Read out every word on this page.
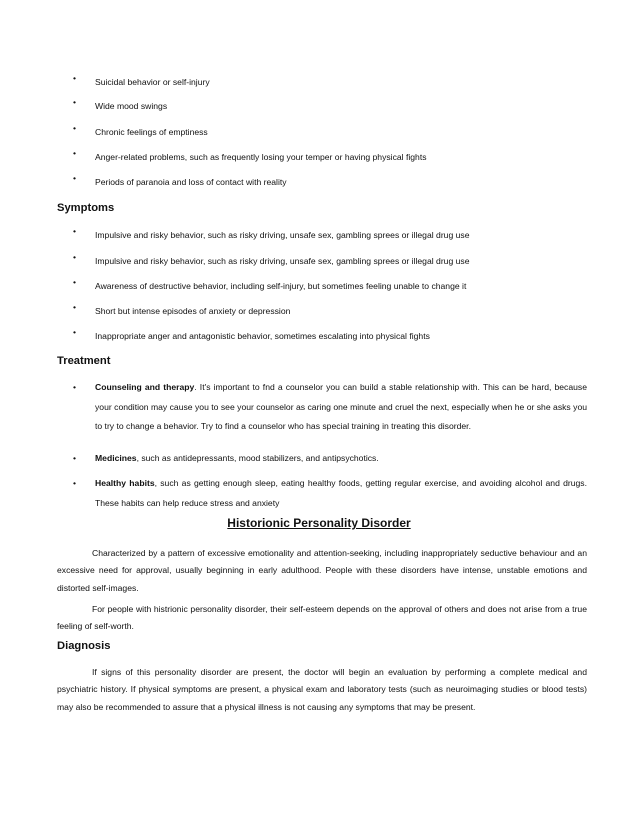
• Suicidal behavior or self-injury
• Wide mood swings
• Chronic feelings of emptiness
• Anger-related problems, such as frequently losing your temper or having physical fights
• Periods of paranoia and loss of contact with reality
Symptoms
• Impulsive and risky behavior, such as risky driving, unsafe sex, gambling sprees or illegal drug use
• Impulsive and risky behavior, such as risky driving, unsafe sex, gambling sprees or illegal drug use
• Awareness of destructive behavior, including self-injury, but sometimes feeling unable to change it
• Short but intense episodes of anxiety or depression
• Inappropriate anger and antagonistic behavior, sometimes escalating into physical fights
Treatment
• Counseling and therapy. It's important to fnd a counselor you can build a stable relationship with. This can be hard, because your condition may cause you to see your counselor as caring one minute and cruel the next, especially when he or she asks you to try to change a behavior. Try to find a counselor who has special training in treating this disorder.
• Medicines, such as antidepressants, mood stabilizers, and antipsychotics.
• Healthy habits, such as getting enough sleep, eating healthy foods, getting regular exercise, and avoiding alcohol and drugs. These habits can help reduce stress and anxiety
Historionic Personality Disorder
Characterized by a pattern of excessive emotionality and attention-seeking, including inappropriately seductive behaviour and an excessive need for approval, usually beginning in early adulthood. People with these disorders have intense, unstable emotions and distorted self-images.
For people with histrionic personality disorder, their self-esteem depends on the approval of others and does not arise from a true feeling of self-worth.
Diagnosis
If signs of this personality disorder are present, the doctor will begin an evaluation by performing a complete medical and psychiatric history. If physical symptoms are present, a physical exam and laboratory tests (such as neuroimaging studies or blood tests) may also be recommended to assure that a physical illness is not causing any symptoms that may be present.
